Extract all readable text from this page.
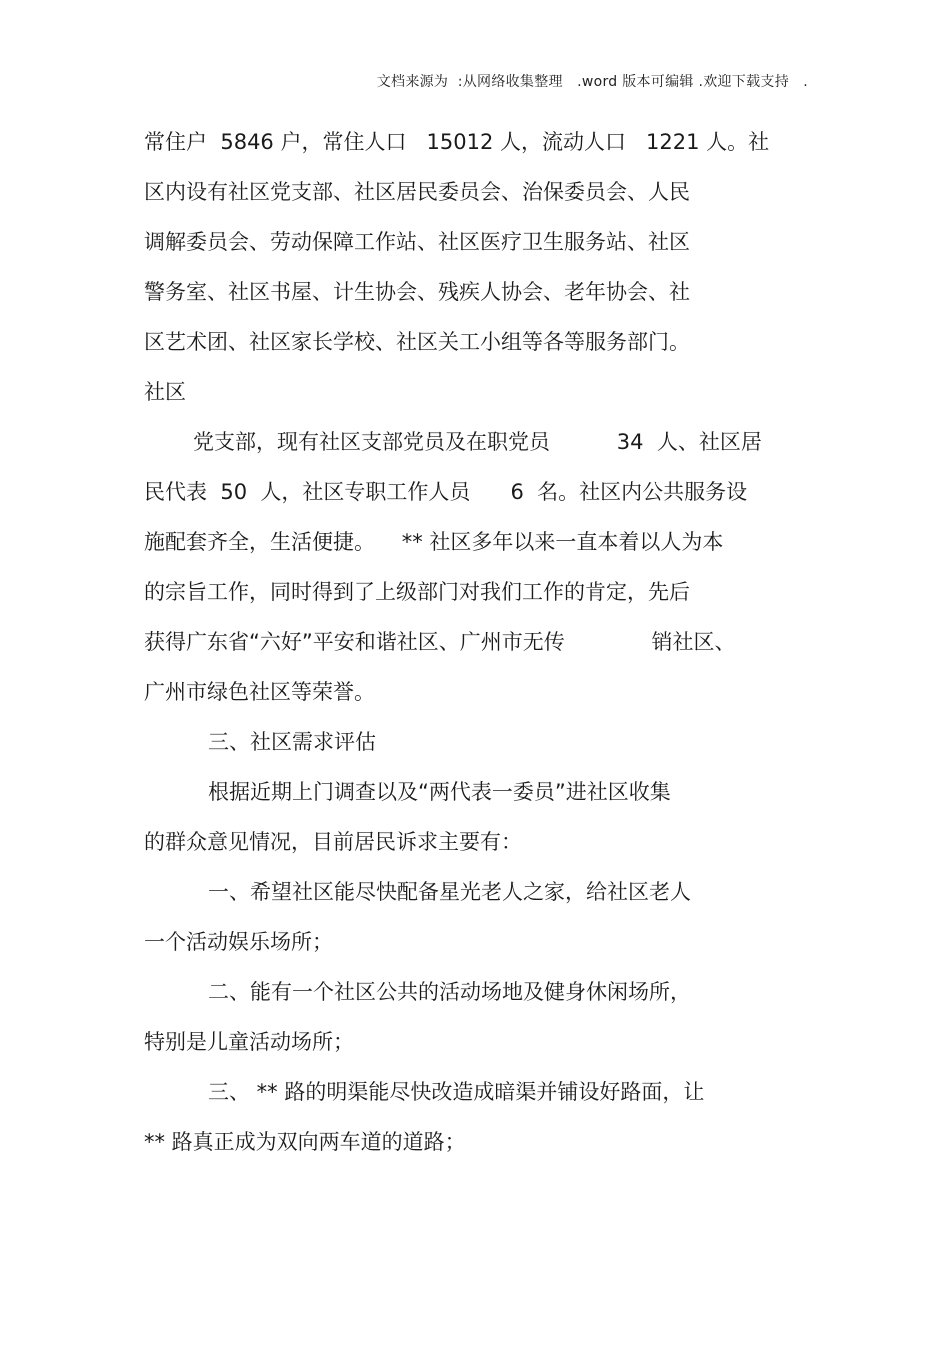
文档来源为  :从网络收集整理   .word 版本可编辑 .欢迎下载支持   .
常住户  5846 户，常住人口   15012 人，流动人口   1221 人。社
区内设有社区党支部、社区居民委员会、治保委员会、人民
调解委员会、劳动保障工作站、社区医疗卫生服务站、社区
警务室、社区书屋、计生协会、残疾人协会、老年协会、社
区艺术团、社区家长学校、社区关工小组等各等服务部门。
社区
党支部，现有社区支部党员及在职党员          34  人、社区居
民代表  50  人，社区专职工作人员      6  名。社区内公共服务设
施配套齐全，生活便捷。    ** 社区多年以来一直本着以人为本
的宗旨工作，同时得到了上级部门对我们工作的肯定，先后
获得广东省“六好”平安和谐社区、广州市无传             销社区、
广州市绿色社区等荣誉。
三、社区需求评估
根据近期上门调查以及“两代表一委员”进社区收集
的群众意见情况，目前居民诉求主要有：
一、希望社区能尽快配备星光老人之家，给社区老人
一个活动娱乐场所；
二、能有一个社区公共的活动场地及健身休闲场所，
特别是儿童活动场所；
三、 ** 路的明渠能尽快改造成暗渠并铺设好路面，让
** 路真正成为双向两车道的道路；
